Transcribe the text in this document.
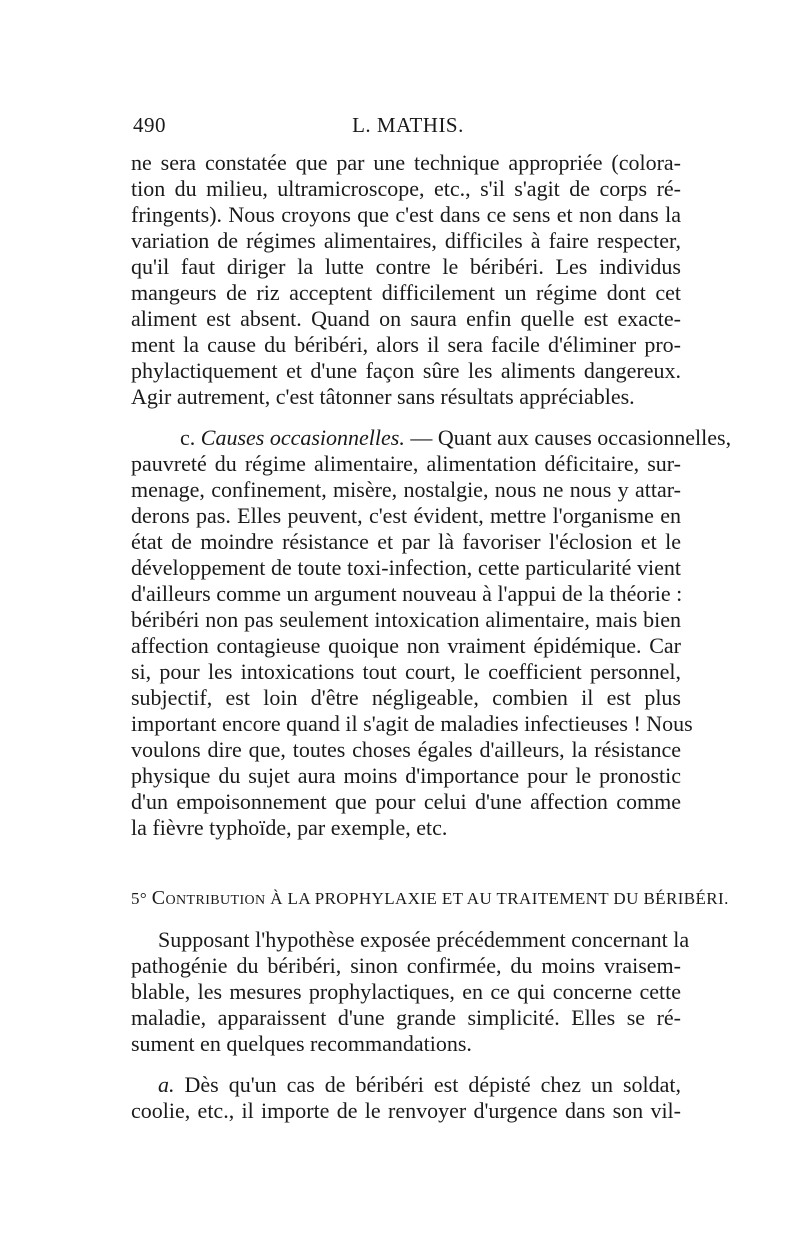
490	L. MATHIS.
ne sera constatée que par une technique appropriée (colora-
tion du milieu, ultramicroscope, etc., s'il s'agit de corps ré-
fringents). Nous croyons que c'est dans ce sens et non dans la
variation de régimes alimentaires, difficiles à faire respecter,
qu'il faut diriger la lutte contre le béribéri. Les individus
mangeurs de riz acceptent difficilement un régime dont cet
aliment est absent. Quand on saura enfin quelle est exacte-
ment la cause du béribéri, alors il sera facile d'éliminer pro-
phylactiquement et d'une façon sûre les aliments dangereux.
Agir autrement, c'est tâtonner sans résultats appréciables.
c. Causes occasionnelles. — Quant aux causes occasionnelles,
pauvreté du régime alimentaire, alimentation déficitaire, sur-
menage, confinement, misère, nostalgie, nous ne nous y attar-
derons pas. Elles peuvent, c'est évident, mettre l'organisme en
état de moindre résistance et par là favoriser l'éclosion et le
développement de toute toxi-infection, cette particularité vient
d'ailleurs comme un argument nouveau à l'appui de la théorie :
béribéri non pas seulement intoxication alimentaire, mais bien
affection contagieuse quoique non vraiment épidémique. Car
si, pour les intoxications tout court, le coefficient personnel,
subjectif, est loin d'être négligeable, combien il est plus
important encore quand il s'agit de maladies infectieuses ! Nous
voulons dire que, toutes choses égales d'ailleurs, la résistance
physique du sujet aura moins d'importance pour le pronostic
d'un empoisonnement que pour celui d'une affection comme
la fièvre typhoïde, par exemple, etc.
5° Contribution À LA PROPHYLAXIE ET AU TRAITEMENT DU BÉRIBÉRI.
Supposant l'hypothèse exposée précédemment concernant la
pathogénie du béribéri, sinon confirmée, du moins vraisem-
blable, les mesures prophylactiques, en ce qui concerne cette
maladie, apparaissent d'une grande simplicité. Elles se ré-
sument en quelques recommandations.
a. Dès qu'un cas de béribéri est dépisté chez un soldat,
coolie, etc., il importe de le renvoyer d'urgence dans son vil-
